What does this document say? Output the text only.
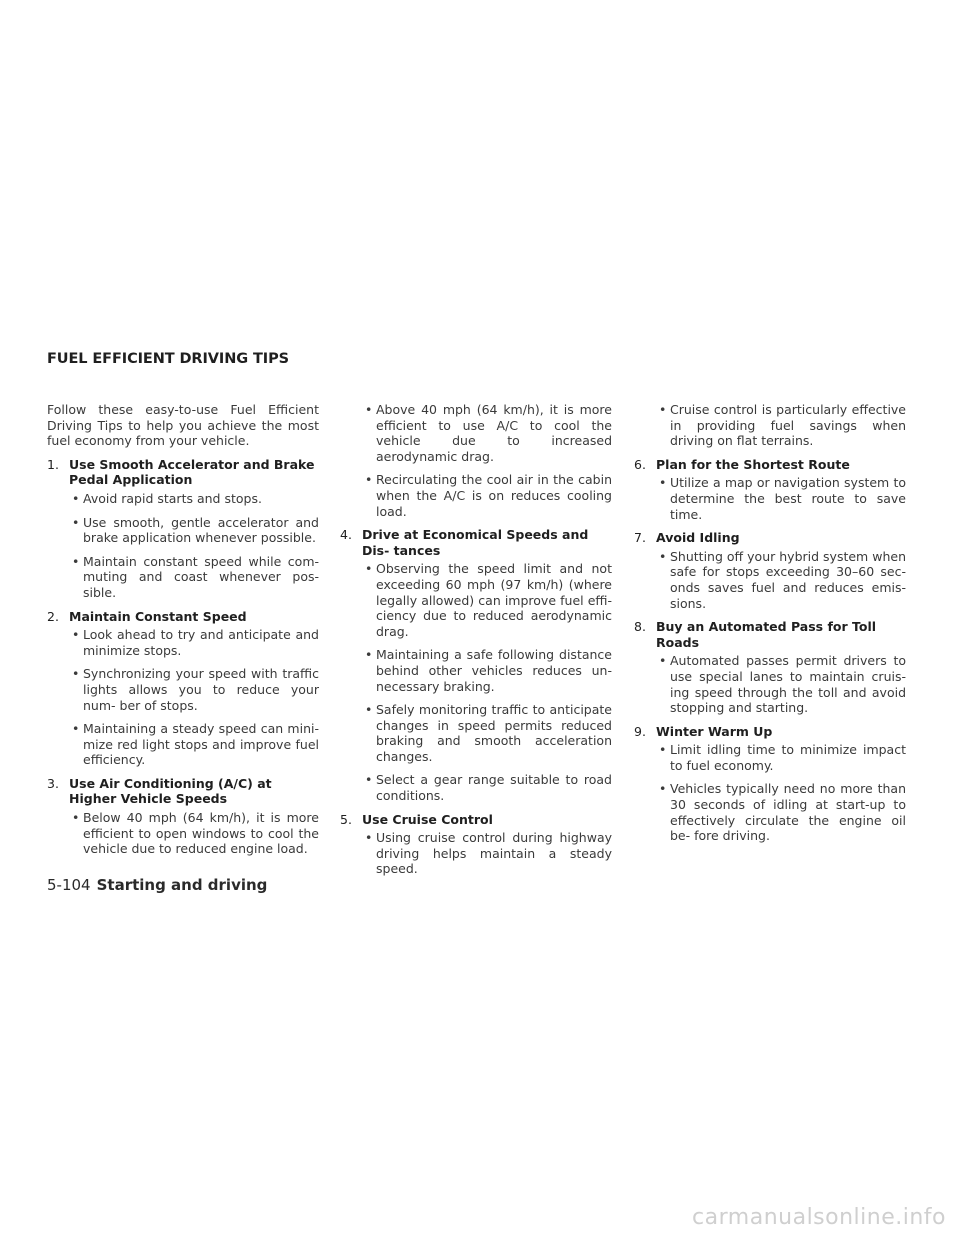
FUEL EFFICIENT DRIVING TIPS

Follow these easy-to-use Fuel Efficient Driving Tips to help you achieve the most fuel economy from your vehicle.

1. Use Smooth Accelerator and Brake Pedal Application

• Avoid rapid starts and stops.

• Use smooth, gentle accelerator and brake application whenever possible.

• Maintain constant speed while com- muting and coast whenever pos- sible.

2. Maintain Constant Speed

• Look ahead to try and anticipate and minimize stops.

• Synchronizing your speed with traffic lights allows you to reduce your num- ber of stops.

• Maintaining a steady speed can mini- mize red light stops and improve fuel efficiency.

3. Use Air Conditioning (A/C) at Higher Vehicle Speeds

• Below 40 mph (64 km/h), it is more efficient to open windows to cool the vehicle due to reduced engine load.

• Above 40 mph (64 km/h), it is more efficient to use A/C to cool the vehicle due to increased aerodynamic drag.

• Recirculating the cool air in the cabin when the A/C is on reduces cooling load.

4. Drive at Economical Speeds and Dis- tances

• Observing the speed limit and not exceeding 60 mph (97 km/h) (where legally allowed) can improve fuel effi- ciency due to reduced aerodynamic drag.

• Maintaining a safe following distance behind other vehicles reduces un- necessary braking.

• Safely monitoring traffic to anticipate changes in speed permits reduced braking and smooth acceleration changes.

• Select a gear range suitable to road conditions.

5. Use Cruise Control

• Using cruise control during highway driving helps maintain a steady speed.

• Cruise control is particularly effective in providing fuel savings when driving on flat terrains.

6. Plan for the Shortest Route

• Utilize a map or navigation system to determine the best route to save time.

7. Avoid Idling

• Shutting off your hybrid system when safe for stops exceeding 30–60 sec- onds saves fuel and reduces emis- sions.

8. Buy an Automated Pass for Toll Roads

• Automated passes permit drivers to use special lanes to maintain cruis- ing speed through the toll and avoid stopping and starting.

9. Winter Warm Up

• Limit idling time to minimize impact to fuel economy.

• Vehicles typically need no more than 30 seconds of idling at start-up to effectively circulate the engine oil be- fore driving.

5-104 Starting and driving
carmanualsonline.info
